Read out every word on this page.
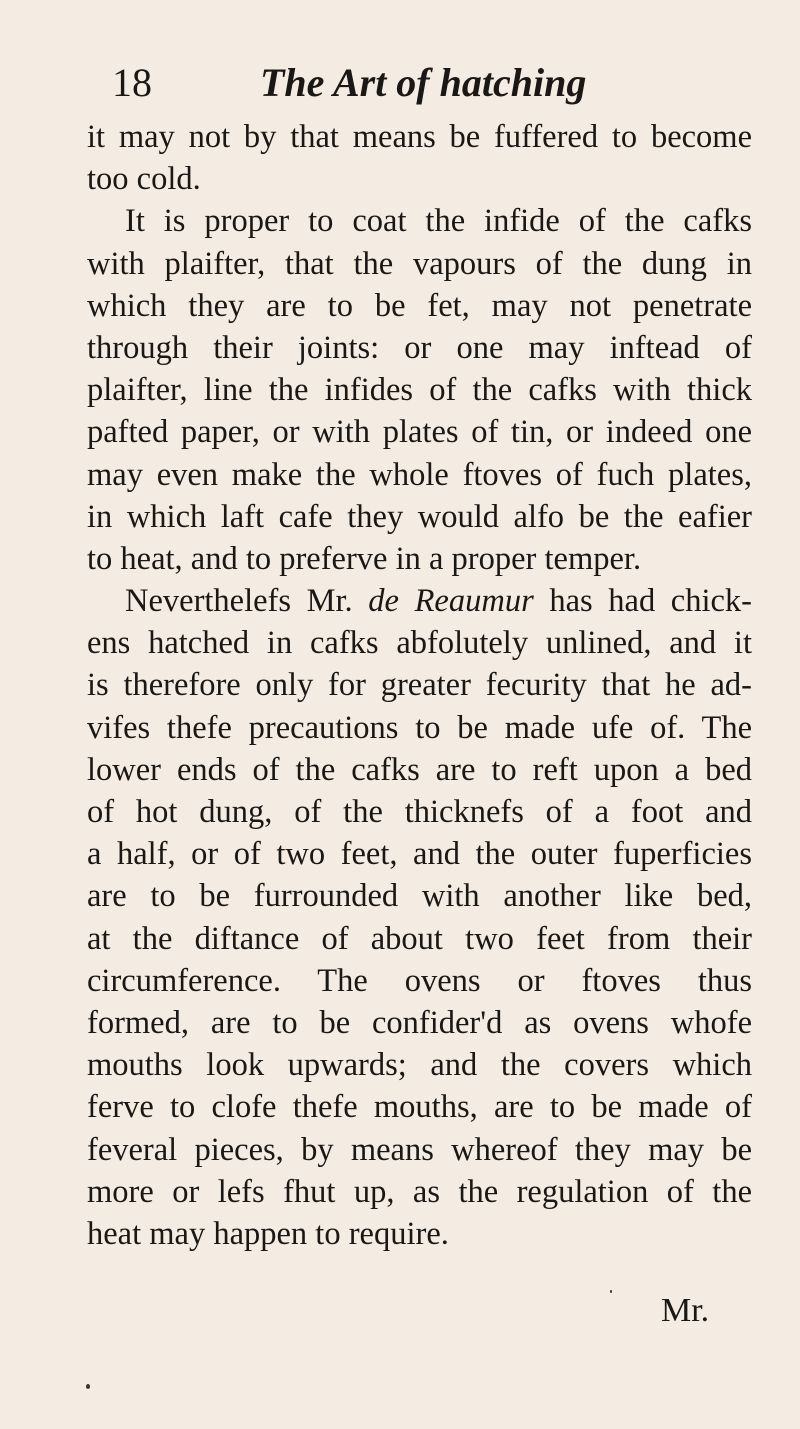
18	The Art of hatching
it may not by that means be fuffered to become
too cold.
It is proper to coat the infide of the cafks
with plaifter, that the vapours of the dung in
which they are to be fet, may not penetrate
through their joints: or one may inftead of
plaifter, line the infides of the cafks with thick
pafted paper, or with plates of tin, or indeed one
may even make the whole ftoves of fuch plates,
in which laft cafe they would alfo be the eafier
to heat, and to preferve in a proper temper.
Neverthelefs Mr. de Reaumur has had chick-
ens hatched in cafks abfolutely unlined, and it
is therefore only for greater fecurity that he ad-
vifes thefe precautions to be made ufe of. The
lower ends of the cafks are to reft upon a bed
of hot dung, of the thicknefs of a foot and
a half, or of two feet, and the outer fuperficies
are to be furrounded with another like bed,
at the diftance of about two feet from their
circumference. The ovens or ftoves thus
formed, are to be confider'd as ovens whofe
mouths look upwards; and the covers which
ferve to clofe thefe mouths, are to be made of
feveral pieces, by means whereof they may be
more or lefs fhut up, as the regulation of the
heat may happen to require.
Mr.
